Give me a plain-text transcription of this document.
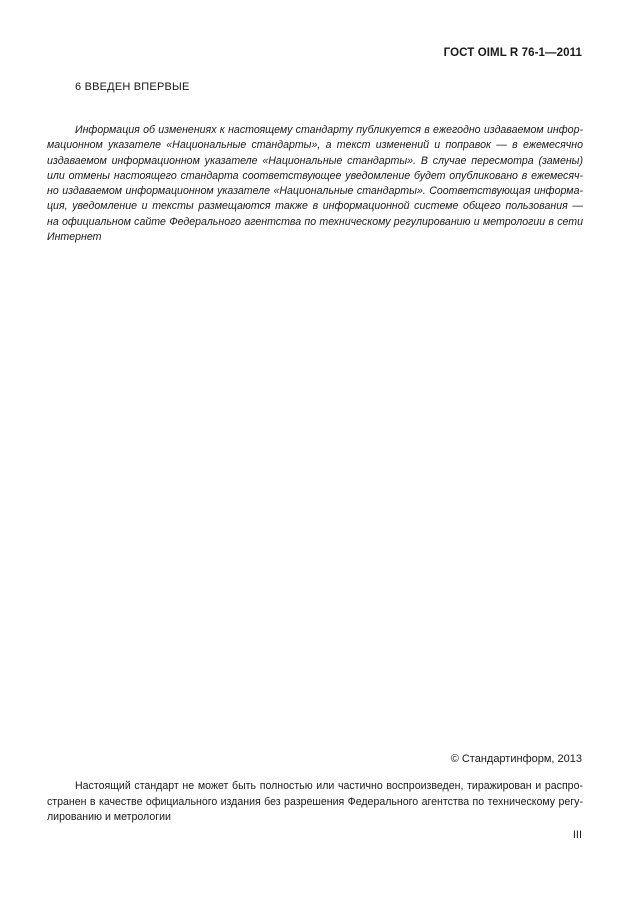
ГОСТ OIML R 76-1—2011
6 ВВЕДЕН ВПЕРВЫЕ
Информация об изменениях к настоящему стандарту публикуется в ежегодно издаваемом инфор-
мационном указателе «Национальные стандарты», а текст изменений и поправок — в ежемесячно
издаваемом информационном указателе «Национальные стандарты». В случае пересмотра (замены)
или отмены настоящего стандарта соответствующее уведомление будет опубликовано в ежемесяч-
но издаваемом информационном указателе «Национальные стандарты». Соответствующая информа-
ция, уведомление и тексты размещаются также в информационной системе общего пользования —
на официальном сайте Федерального агентства по техническому регулированию и метрологии в сети
Интернет
© Стандартинформ, 2013
Настоящий стандарт не может быть полностью или частично воспроизведен, тиражирован и распро-
странен в качестве официального издания без разрешения Федерального агентства по техническому регу-
лированию и метрологии
III
